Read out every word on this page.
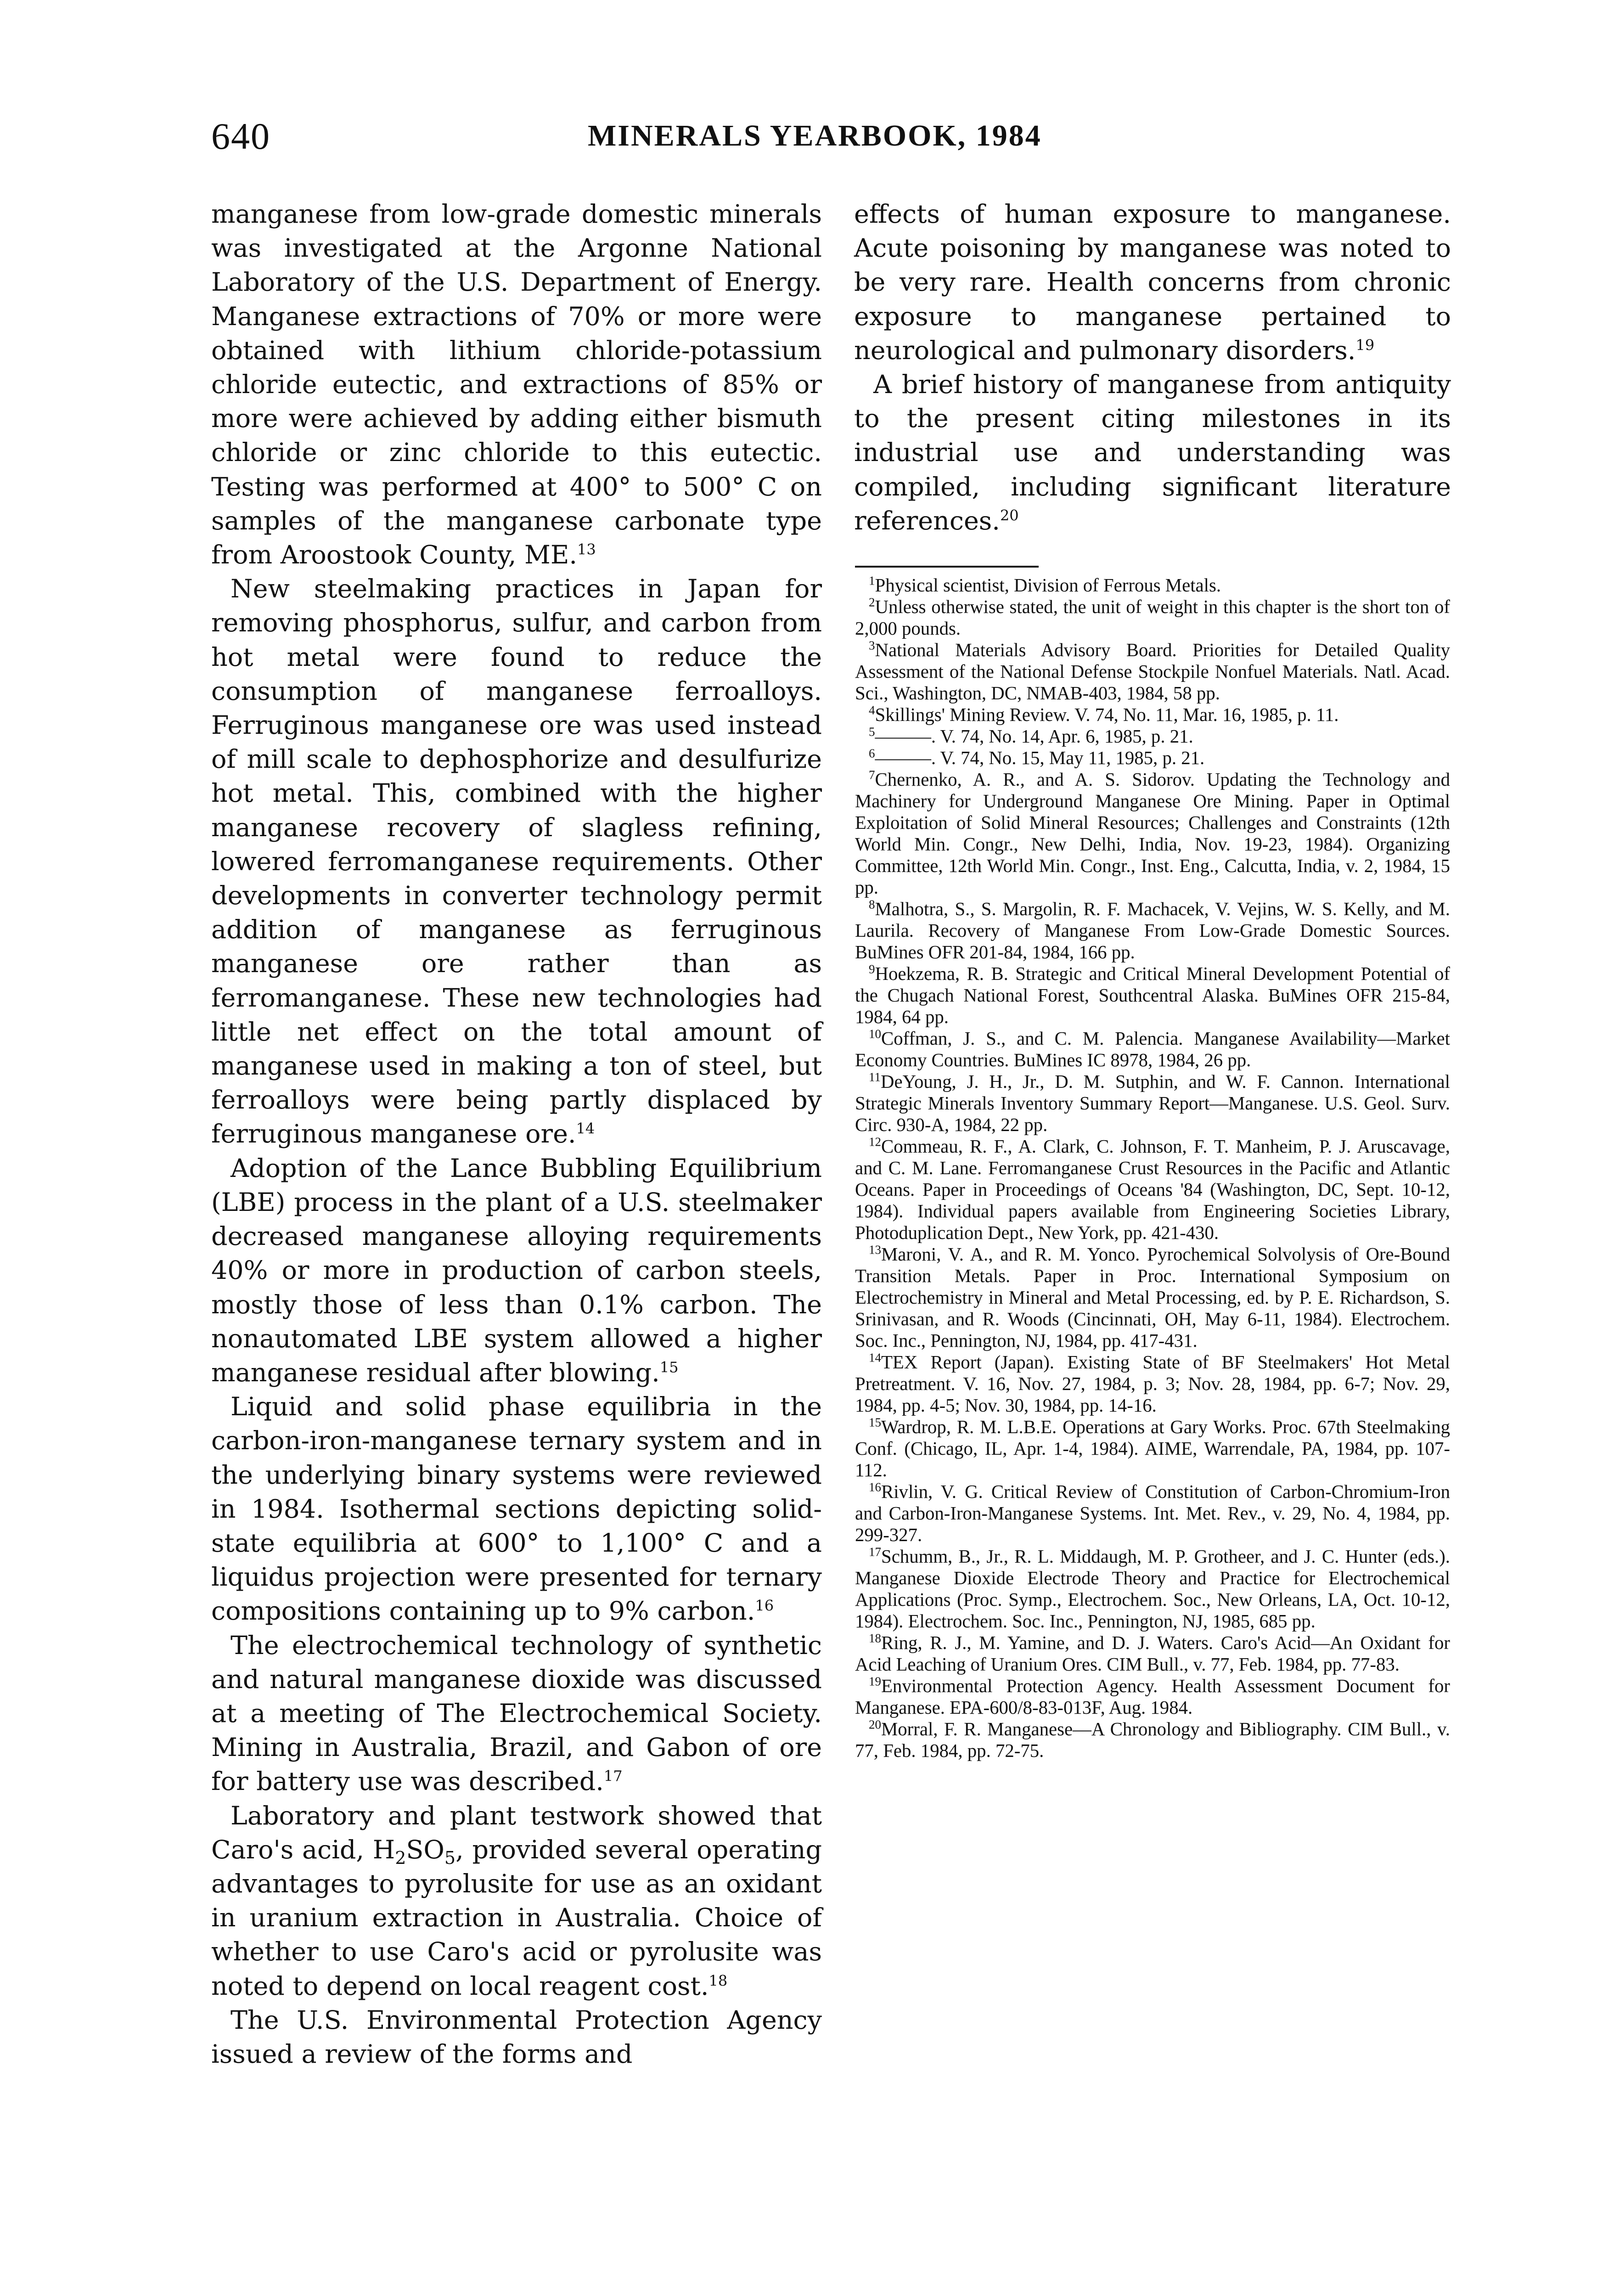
640	MINERALS YEARBOOK, 1984

manganese from low-grade domestic minerals was investigated at the Argonne National Laboratory of the U.S. Department of Energy. Manganese extractions of 70% or more were obtained with lithium chloride-potassium chloride eutectic, and extractions of 85% or more were achieved by adding either bismuth chloride or zinc chloride to this eutectic. Testing was performed at 400° to 500° C on samples of the manganese carbonate type from Aroostook County, ME.$^{13}$

New steelmaking practices in Japan for removing phosphorus, sulfur, and carbon from hot metal were found to reduce the consumption of manganese ferroalloys. Ferruginous manganese ore was used instead of mill scale to dephosphorize and desulfurize hot metal. This, combined with the higher manganese recovery of slagless refining, lowered ferromanganese requirements. Other developments in converter technology permit addition of manganese as ferruginous manganese ore rather than as ferromanganese. These new technologies had little net effect on the total amount of manganese used in making a ton of steel, but ferroalloys were being partly displaced by ferruginous manganese ore.$^{14}$

Adoption of the Lance Bubbling Equilibrium (LBE) process in the plant of a U.S. steelmaker decreased manganese alloying requirements 40% or more in production of carbon steels, mostly those of less than 0.1% carbon. The nonautomated LBE system allowed a higher manganese residual after blowing.$^{15}$

Liquid and solid phase equilibria in the carbon-iron-manganese ternary system and in the underlying binary systems were reviewed in 1984. Isothermal sections depicting solid-state equilibria at 600° to 1,100° C and a liquidus projection were presented for ternary compositions containing up to 9% carbon.$^{16}$

The electrochemical technology of synthetic and natural manganese dioxide was discussed at a meeting of The Electrochemical Society. Mining in Australia, Brazil, and Gabon of ore for battery use was described.$^{17}$

Laboratory and plant testwork showed that Caro's acid, $H_2SO_5$, provided several operating advantages to pyrolusite for use as an oxidant in uranium extraction in Australia. Choice of whether to use Caro's acid or pyrolusite was noted to depend on local reagent cost.$^{18}$

The U.S. Environmental Protection Agency issued a review of the forms and

effects of human exposure to manganese. Acute poisoning by manganese was noted to be very rare. Health concerns from chronic exposure to manganese pertained to neurological and pulmonary disorders.$^{19}$

A brief history of manganese from antiquity to the present citing milestones in its industrial use and understanding was compiled, including significant literature references.$^{20}$

$^1$Physical scientist, Division of Ferrous Metals.

$^2$Unless otherwise stated, the unit of weight in this chapter is the short ton of 2,000 pounds.

$^3$National Materials Advisory Board. Priorities for Detailed Quality Assessment of the National Defense Stockpile Nonfuel Materials. Natl. Acad. Sci., Washington, DC, NMAB-403, 1984, 58 pp.

$^4$Skillings' Mining Review. V. 74, No. 11, Mar. 16, 1985, p. 11.

$^5$———. V. 74, No. 14, Apr. 6, 1985, p. 21.

$^6$———. V. 74, No. 15, May 11, 1985, p. 21.

$^7$Chernenko, A. R., and A. S. Sidorov. Updating the Technology and Machinery for Underground Manganese Ore Mining. Paper in Optimal Exploitation of Solid Mineral Resources; Challenges and Constraints (12th World Min. Congr., New Delhi, India, Nov. 19-23, 1984). Organizing Committee, 12th World Min. Congr., Inst. Eng., Calcutta, India, v. 2, 1984, 15 pp.

$^8$Malhotra, S., S. Margolin, R. F. Machacek, V. Vejins, W. S. Kelly, and M. Laurila. Recovery of Manganese From Low-Grade Domestic Sources. BuMines OFR 201-84, 1984, 166 pp.

$^9$Hoekzema, R. B. Strategic and Critical Mineral Development Potential of the Chugach National Forest, Southcentral Alaska. BuMines OFR 215-84, 1984, 64 pp.

$^{10}$Coffman, J. S., and C. M. Palencia. Manganese Availability—Market Economy Countries. BuMines IC 8978, 1984, 26 pp.

$^{11}$DeYoung, J. H., Jr., D. M. Sutphin, and W. F. Cannon. International Strategic Minerals Inventory Summary Report—Manganese. U.S. Geol. Surv. Circ. 930-A, 1984, 22 pp.

$^{12}$Commeau, R. F., A. Clark, C. Johnson, F. T. Manheim, P. J. Aruscavage, and C. M. Lane. Ferromanganese Crust Resources in the Pacific and Atlantic Oceans. Paper in Proceedings of Oceans '84 (Washington, DC, Sept. 10-12, 1984). Individual papers available from Engineering Societies Library, Photoduplication Dept., New York, pp. 421-430.

$^{13}$Maroni, V. A., and R. M. Yonco. Pyrochemical Solvolysis of Ore-Bound Transition Metals. Paper in Proc. International Symposium on Electrochemistry in Mineral and Metal Processing, ed. by P. E. Richardson, S. Srinivasan, and R. Woods (Cincinnati, OH, May 6-11, 1984). Electrochem. Soc. Inc., Pennington, NJ, 1984, pp. 417-431.

$^{14}$TEX Report (Japan). Existing State of BF Steelmakers' Hot Metal Pretreatment. V. 16, Nov. 27, 1984, p. 3; Nov. 28, 1984, pp. 6-7; Nov. 29, 1984, pp. 4-5; Nov. 30, 1984, pp. 14-16.

$^{15}$Wardrop, R. M. L.B.E. Operations at Gary Works. Proc. 67th Steelmaking Conf. (Chicago, IL, Apr. 1-4, 1984). AIME, Warrendale, PA, 1984, pp. 107-112.

$^{16}$Rivlin, V. G. Critical Review of Constitution of Carbon-Chromium-Iron and Carbon-Iron-Manganese Systems. Int. Met. Rev., v. 29, No. 4, 1984, pp. 299-327.

$^{17}$Schumm, B., Jr., R. L. Middaugh, M. P. Grotheer, and J. C. Hunter (eds.). Manganese Dioxide Electrode Theory and Practice for Electrochemical Applications (Proc. Symp., Electrochem. Soc., New Orleans, LA, Oct. 10-12, 1984). Electrochem. Soc. Inc., Pennington, NJ, 1985, 685 pp.

$^{18}$Ring, R. J., M. Yamine, and D. J. Waters. Caro's Acid—An Oxidant for Acid Leaching of Uranium Ores. CIM Bull., v. 77, Feb. 1984, pp. 77-83.

$^{19}$Environmental Protection Agency. Health Assessment Document for Manganese. EPA-600/8-83-013F, Aug. 1984.

$^{20}$Morral, F. R. Manganese—A Chronology and Bibliography. CIM Bull., v. 77, Feb. 1984, pp. 72-75.
